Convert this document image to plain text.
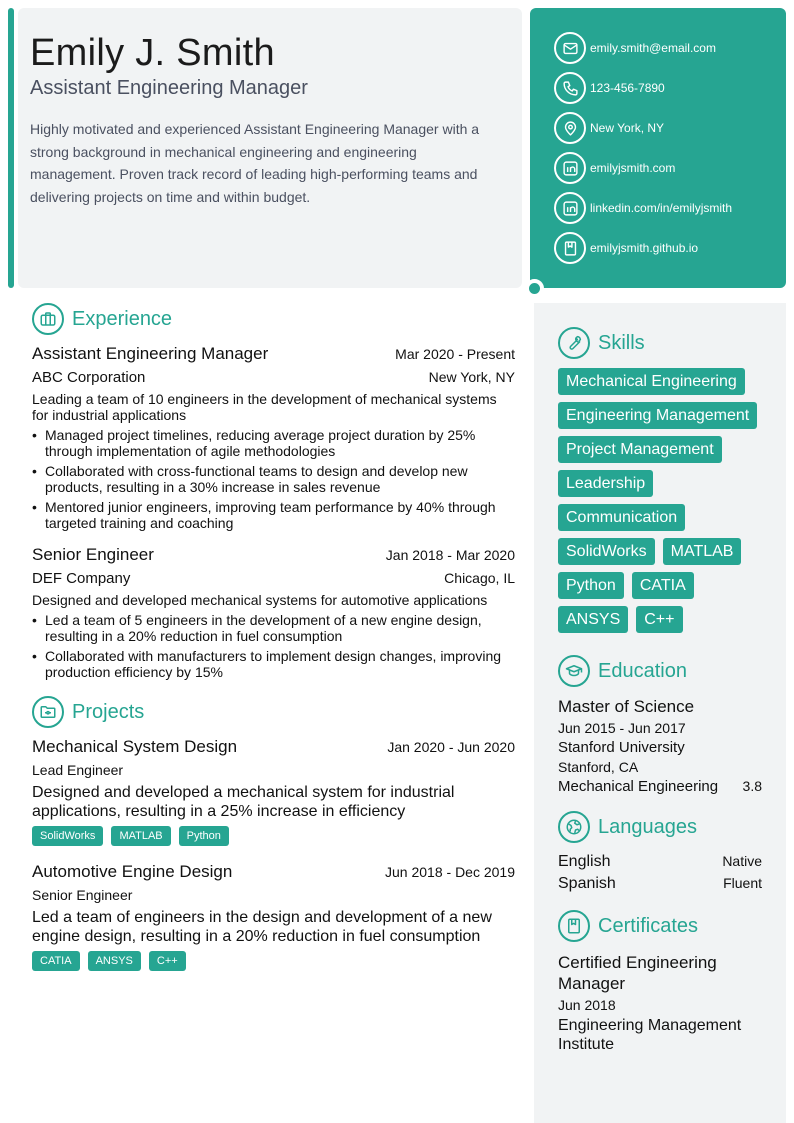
Emily J. Smith
Assistant Engineering Manager
Highly motivated and experienced Assistant Engineering Manager with a strong background in mechanical engineering and engineering management. Proven track record of leading high-performing teams and delivering projects on time and within budget.
emily.smith@email.com
123-456-7890
New York, NY
emilyjsmith.com
linkedin.com/in/emilyjsmith
emilyjsmith.github.io
Experience
Assistant Engineering Manager	Mar 2020 - Present
ABC Corporation	New York, NY
Leading a team of 10 engineers in the development of mechanical systems for industrial applications
• Managed project timelines, reducing average project duration by 25% through implementation of agile methodologies
• Collaborated with cross-functional teams to design and develop new products, resulting in a 30% increase in sales revenue
• Mentored junior engineers, improving team performance by 40% through targeted training and coaching
Senior Engineer	Jan 2018 - Mar 2020
DEF Company	Chicago, IL
Designed and developed mechanical systems for automotive applications
• Led a team of 5 engineers in the development of a new engine design, resulting in a 20% reduction in fuel consumption
• Collaborated with manufacturers to implement design changes, improving production efficiency by 15%
Projects
Mechanical System Design	Jan 2020 - Jun 2020
Lead Engineer
Designed and developed a mechanical system for industrial applications, resulting in a 25% increase in efficiency
SolidWorks	MATLAB	Python
Automotive Engine Design	Jun 2018 - Dec 2019
Senior Engineer
Led a team of engineers in the design and development of a new engine design, resulting in a 20% reduction in fuel consumption
CATIA	ANSYS	C++
Skills
Mechanical Engineering
Engineering Management
Project Management
Leadership
Communication
SolidWorks	MATLAB
Python	CATIA
ANSYS	C++
Education
Master of Science
Jun 2015 - Jun 2017
Stanford University
Stanford, CA
Mechanical Engineering 3.8
Languages
English	Native
Spanish	Fluent
Certificates
Certified Engineering Manager
Jun 2018
Engineering Management Institute
